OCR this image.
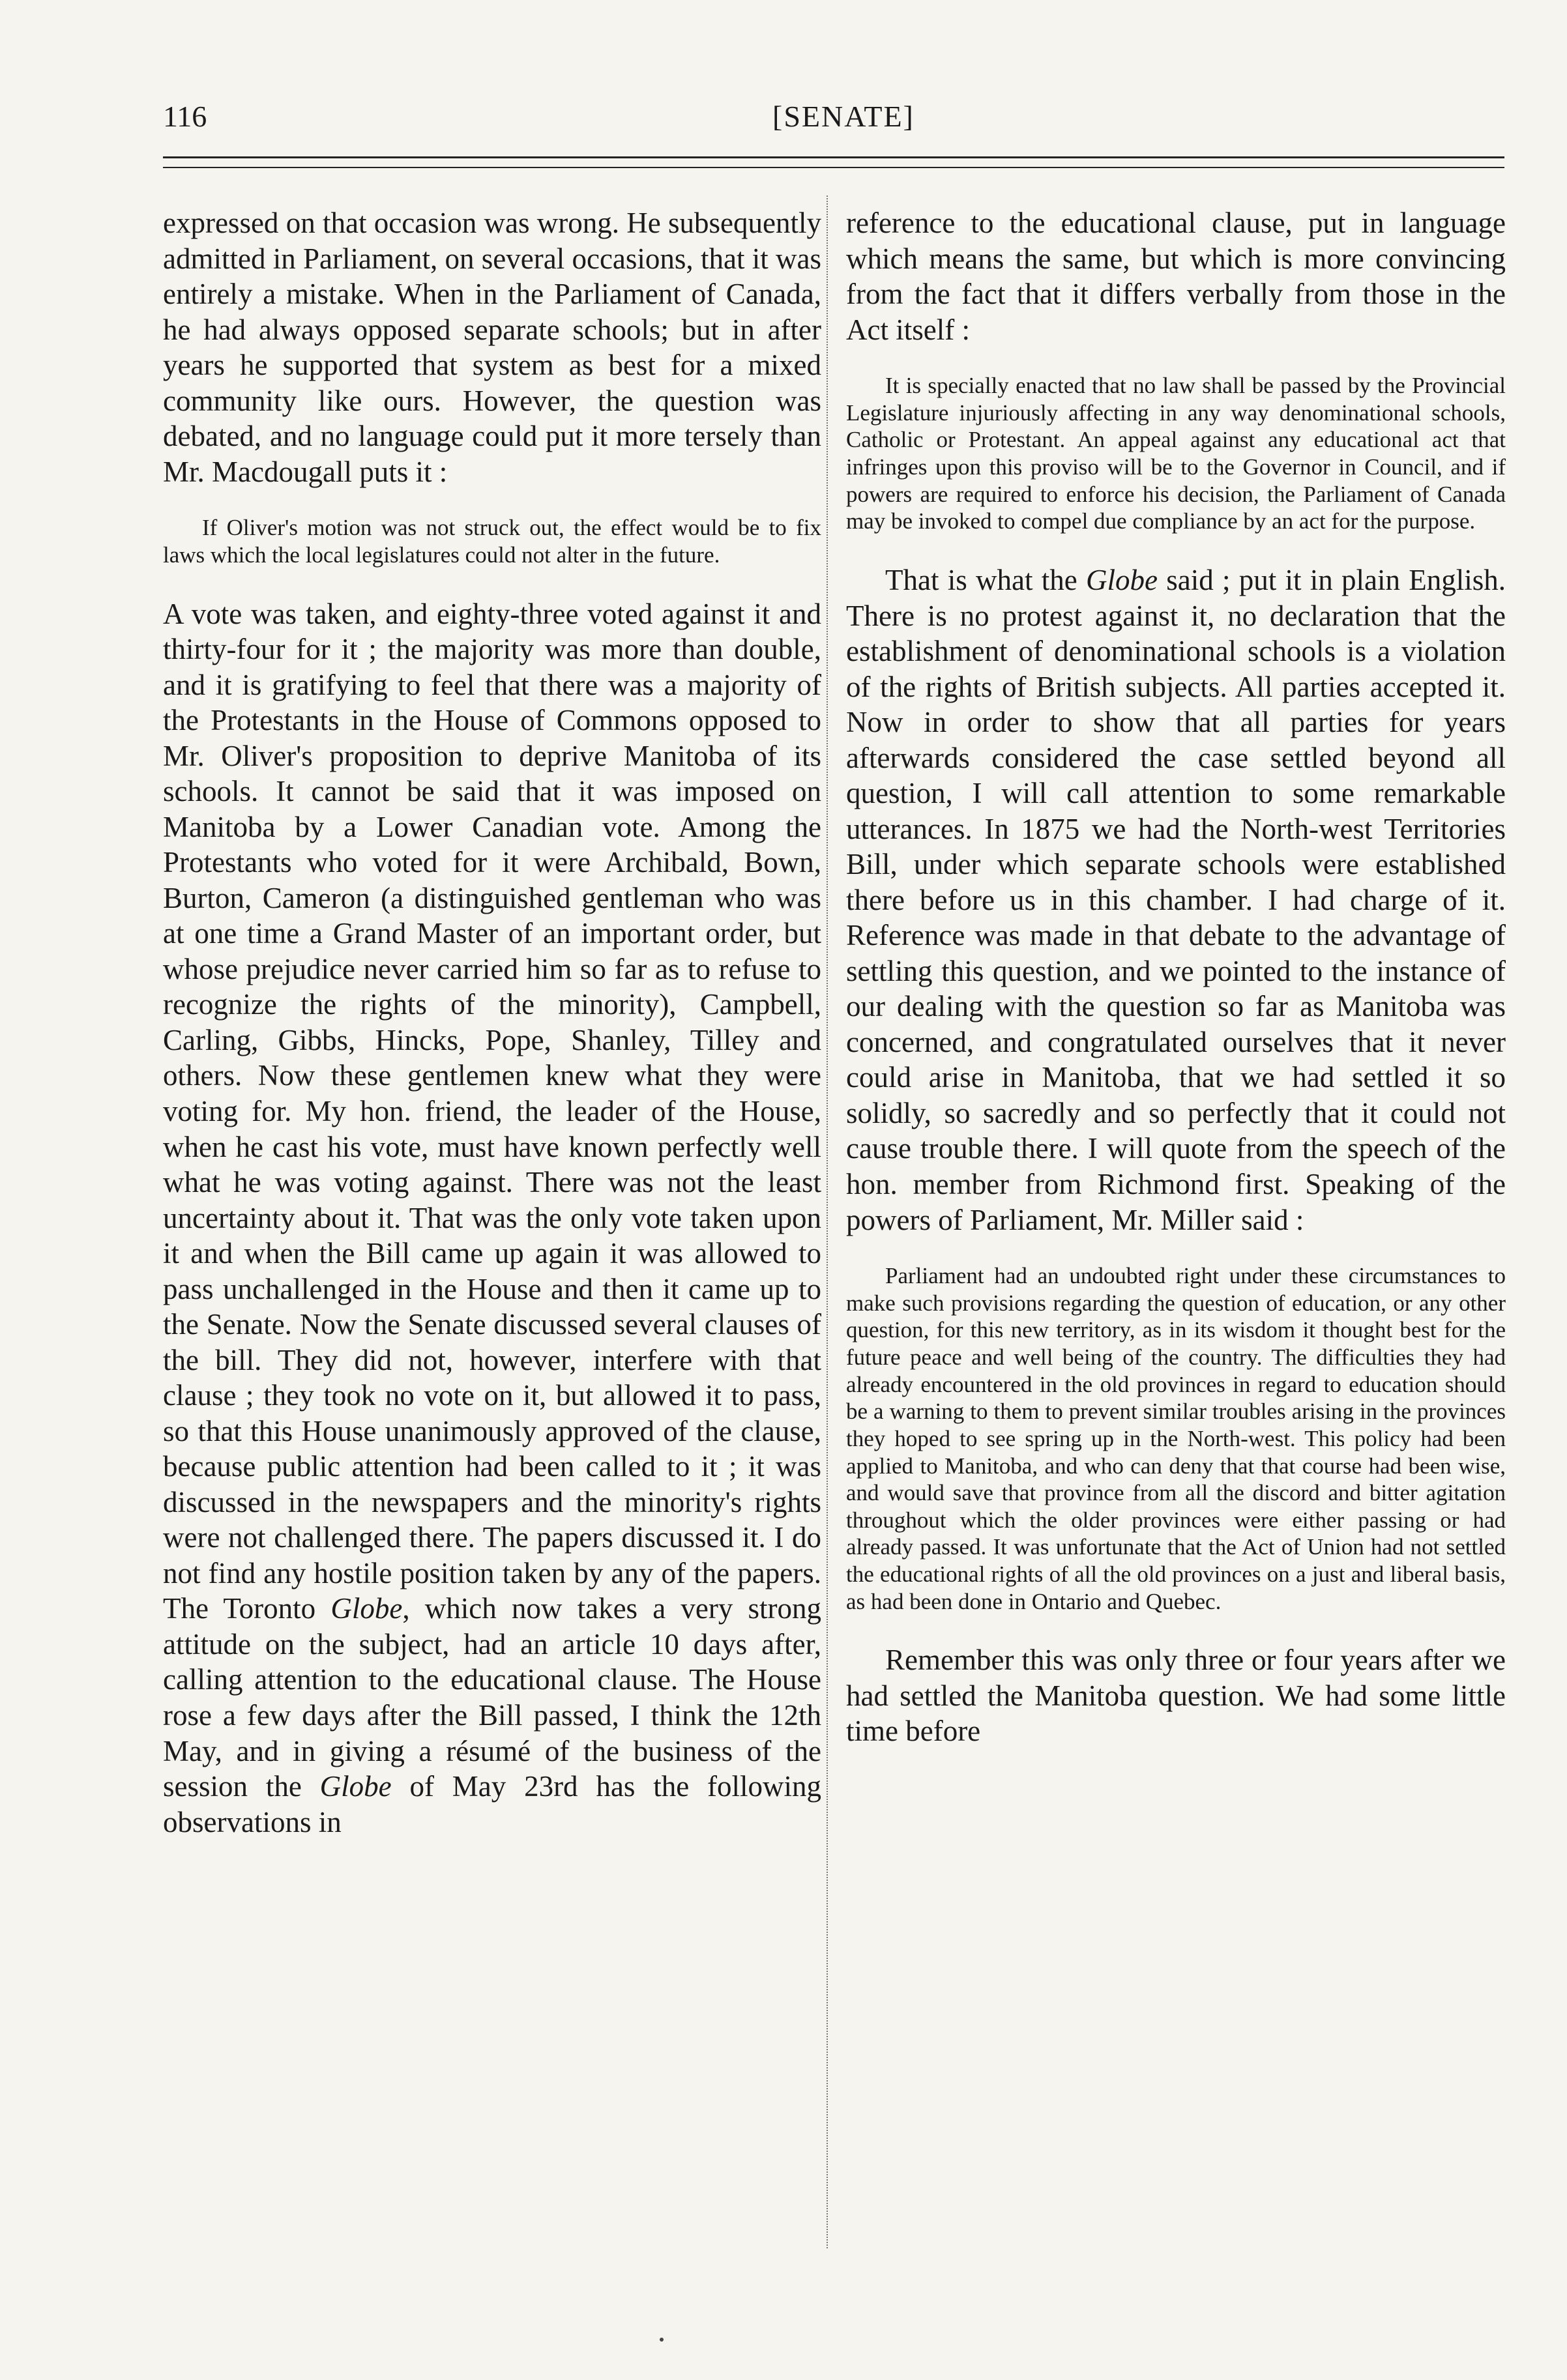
116	[SENATE]

expressed on that occasion was wrong. He subsequently admitted in Parliament, on several occasions, that it was entirely a mistake. When in the Parliament of Canada, he had always opposed separate schools; but in after years he supported that system as best for a mixed community like ours. However, the question was debated, and no language could put it more tersely than Mr. Macdougall puts it :

If Oliver's motion was not struck out, the effect would be to fix laws which the local legislatures could not alter in the future.

A vote was taken, and eighty-three voted against it and thirty-four for it ; the majority was more than double, and it is gratifying to feel that there was a majority of the Protestants in the House of Commons opposed to Mr. Oliver's proposition to deprive Manitoba of its schools. It cannot be said that it was imposed on Manitoba by a Lower Canadian vote. Among the Protestants who voted for it were Archibald, Bown, Burton, Cameron (a distinguished gentleman who was at one time a Grand Master of an important order, but whose prejudice never carried him so far as to refuse to recognize the rights of the minority), Campbell, Carling, Gibbs, Hincks, Pope, Shanley, Tilley and others. Now these gentlemen knew what they were voting for. My hon. friend, the leader of the House, when he cast his vote, must have known perfectly well what he was voting against. There was not the least uncertainty about it. That was the only vote taken upon it and when the Bill came up again it was allowed to pass unchallenged in the House and then it came up to the Senate. Now the Senate discussed several clauses of the bill. They did not, however, interfere with that clause ; they took no vote on it, but allowed it to pass, so that this House unanimously approved of the clause, because public attention had been called to it ; it was discussed in the newspapers and the minority's rights were not challenged there. The papers discussed it. I do not find any hostile position taken by any of the papers. The Toronto Globe, which now takes a very strong attitude on the subject, had an article 10 days after, calling attention to the educational clause. The House rose a few days after the Bill passed, I think the 12th May, and in giving a résumé of the business of the session the Globe of May 23rd has the following observations in

reference to the educational clause, put in language which means the same, but which is more convincing from the fact that it differs verbally from those in the Act itself :

It is specially enacted that no law shall be passed by the Provincial Legislature injuriously affecting in any way denominational schools, Catholic or Protestant. An appeal against any educational act that infringes upon this proviso will be to the Governor in Council, and if powers are required to enforce his decision, the Parliament of Canada may be invoked to compel due compliance by an act for the purpose.

That is what the Globe said ; put it in plain English. There is no protest against it, no declaration that the establishment of denominational schools is a violation of the rights of British subjects. All parties accepted it. Now in order to show that all parties for years afterwards considered the case settled beyond all question, I will call attention to some remarkable utterances. In 1875 we had the North-west Territories Bill, under which separate schools were established there before us in this chamber. I had charge of it. Reference was made in that debate to the advantage of settling this question, and we pointed to the instance of our dealing with the question so far as Manitoba was concerned, and congratulated ourselves that it never could arise in Manitoba, that we had settled it so solidly, so sacredly and so perfectly that it could not cause trouble there. I will quote from the speech of the hon. member from Richmond first. Speaking of the powers of Parliament, Mr. Miller said :

Parliament had an undoubted right under these circumstances to make such provisions regarding the question of education, or any other question, for this new territory, as in its wisdom it thought best for the future peace and well being of the country. The difficulties they had already encountered in the old provinces in regard to education should be a warning to them to prevent similar troubles arising in the provinces they hoped to see spring up in the North-west. This policy had been applied to Manitoba, and who can deny that that course had been wise, and would save that province from all the discord and bitter agitation throughout which the older provinces were either passing or had already passed. It was unfortunate that the Act of Union had not settled the educational rights of all the old provinces on a just and liberal basis, as had been done in Ontario and Quebec.

Remember this was only three or four years after we had settled the Manitoba question. We had some little time before
